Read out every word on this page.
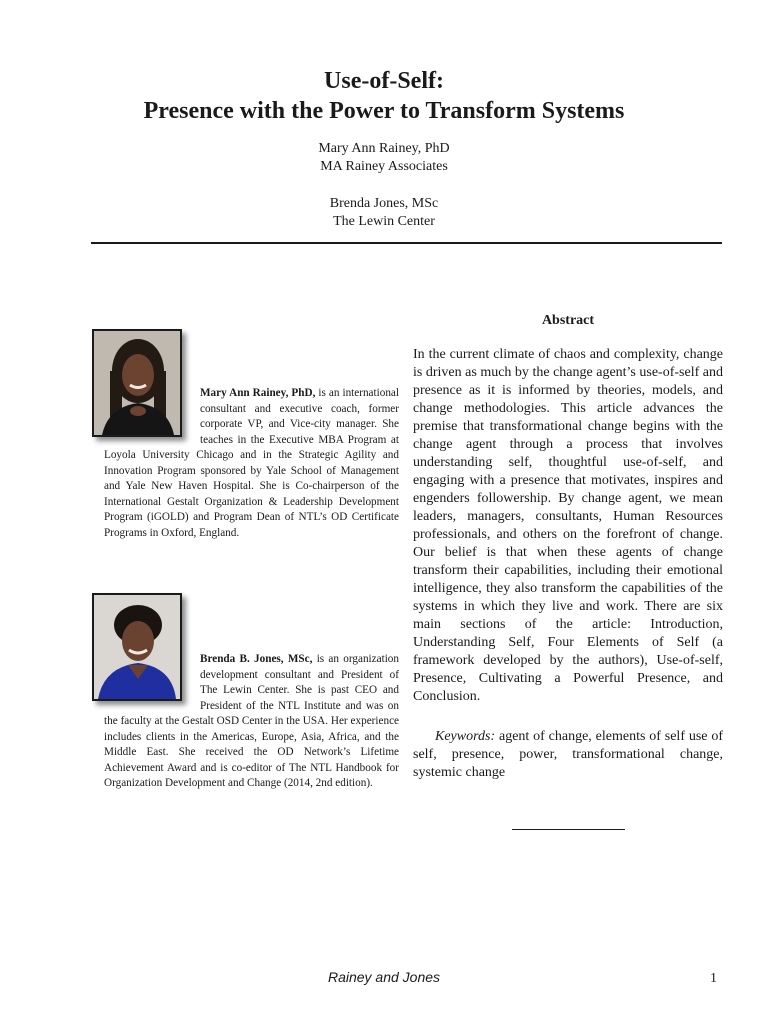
Use-of-Self:
Presence with the Power to Transform Systems
Mary Ann Rainey, PhD
MA Rainey Associates
Brenda Jones, MSc
The Lewin Center

Mary Ann Rainey, PhD, is an international consultant and executive coach, former corporate VP, and Vice-city manager. She teaches in the Executive MBA Program at Loyola University Chicago and in the Strategic Agility and Innovation Program sponsored by Yale School of Management and Yale New Haven Hospital. She is Co-chairperson of the International Gestalt Organization & Leadership Development Program (iGOLD) and Program Dean of NTL’s OD Certificate Programs in Oxford, England.

Brenda B. Jones, MSc, is an organization development consultant and President of The Lewin Center. She is past CEO and President of the NTL Institute and was on the faculty at the Gestalt OSD Center in the USA. Her experience includes clients in the Americas, Europe, Asia, Africa, and the Middle East. She received the OD Network’s Lifetime Achievement Award and is co-editor of The NTL Handbook for Organization Development and Change (2014, 2nd edition).

Abstract

In the current climate of chaos and complexity, change is driven as much by the change agent’s use-of-self and presence as it is informed by theories, models, and change methodologies. This article advances the premise that transformational change begins with the change agent through a process that involves understanding self, thoughtful use-of-self, and engaging with a presence that motivates, inspires and engenders followership. By change agent, we mean leaders, managers, consultants, Human Resources professionals, and others on the forefront of change. Our belief is that when these agents of change transform their capabilities, including their emotional intelligence, they also transform the capabilities of the systems in which they live and work. There are six main sections of the article: Introduction, Understanding Self, Four Elements of Self (a framework developed by the authors), Use-of-self, Presence, Cultivating a Powerful Presence, and Conclusion.

Keywords: agent of change, elements of self use of self, presence, power, transformational change, systemic change

Rainey and Jones	1
